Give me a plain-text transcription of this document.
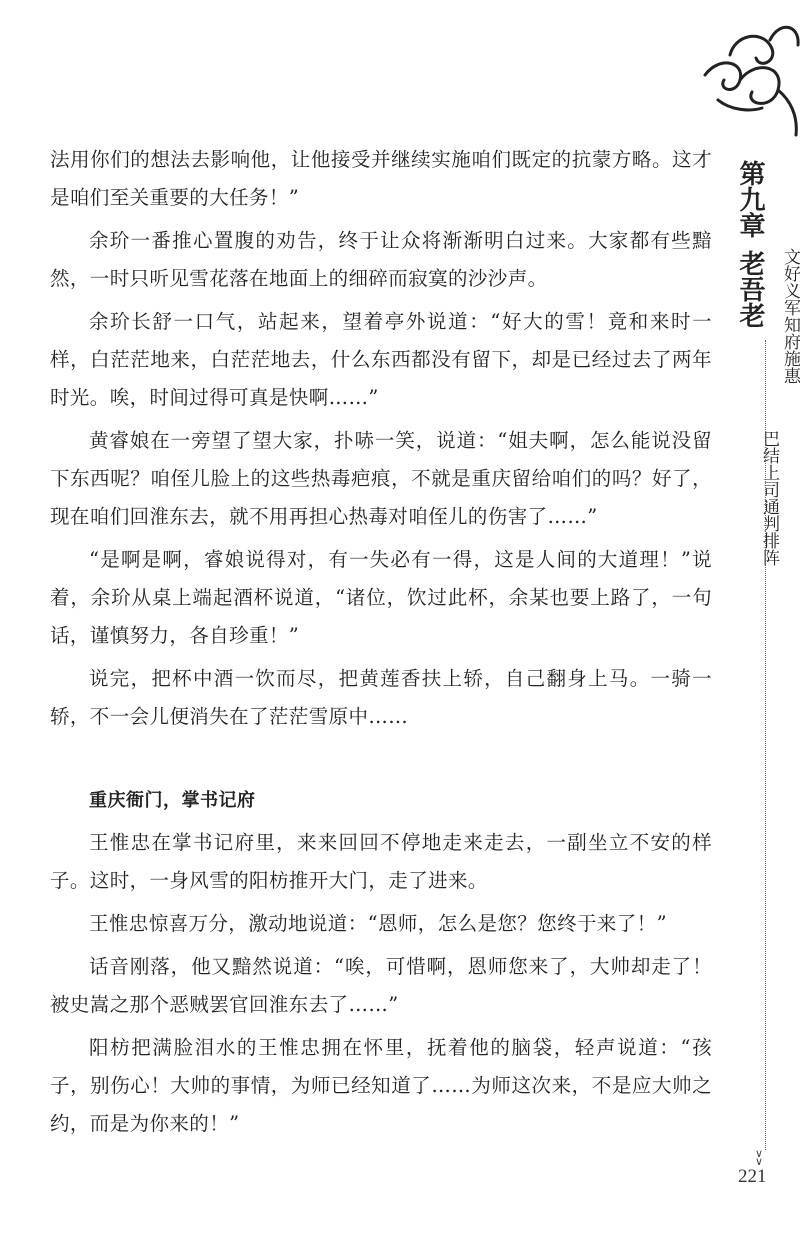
第九章
老吾老 文好义军知府施惠
巴结上司通判排阵

法用你们的想法去影响他，让他接受并继续实施咱们既定的抗蒙方略。这才是咱们至关重要的大任务！”

余玠一番推心置腹的劝告，终于让众将渐渐明白过来。大家都有些黯然，一时只听见雪花落在地面上的细碎而寂寞的沙沙声。

余玠长舒一口气，站起来，望着亭外说道：“好大的雪！竟和来时一样，白茫茫地来，白茫茫地去，什么东西都没有留下，却是已经过去了两年时光。唉，时间过得可真是快啊……”

黄睿娘在一旁望了望大家，扑哧一笑，说道：“姐夫啊，怎么能说没留下东西呢？咱侄儿脸上的这些热毒疤痕，不就是重庆留给咱们的吗？好了，现在咱们回淮东去，就不用再担心热毒对咱侄儿的伤害了……”

“是啊是啊，睿娘说得对，有一失必有一得，这是人间的大道理！”说着，余玠从桌上端起酒杯说道，“诸位，饮过此杯，余某也要上路了，一句话，谨慎努力，各自珍重！”

说完，把杯中酒一饮而尽，把黄莲香扶上轿，自己翻身上马。一骑一轿，不一会儿便消失在了茫茫雪原中……

重庆衙门，掌书记府

王惟忠在掌书记府里，来来回回不停地走来走去，一副坐立不安的样子。这时，一身风雪的阳枋推开大门，走了进来。

王惟忠惊喜万分，激动地说道：“恩师，怎么是您？您终于来了！”

话音刚落，他又黯然说道：“唉，可惜啊，恩师您来了，大帅却走了！被史嵩之那个恶贼罢官回淮东去了……”

阳枋把满脸泪水的王惟忠拥在怀里，抚着他的脑袋，轻声说道：“孩子，别伤心！大帅的事情，为师已经知道了……为师这次来，不是应大帅之约，而是为你来的！”

∨
∨
221
